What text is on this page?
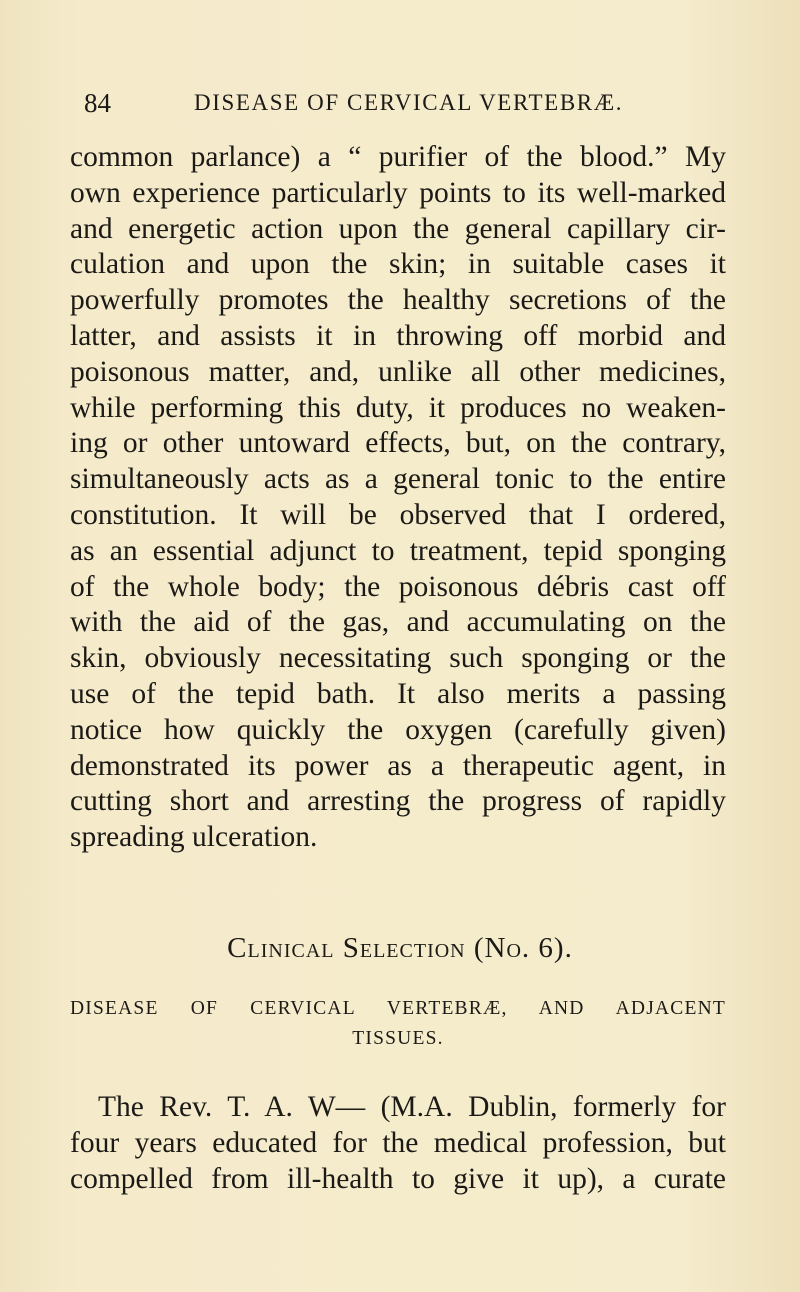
84	DISEASE OF CERVICAL VERTEBRÆ.
common parlance) a “ purifier of the blood.” My
own experience particularly points to its well-marked
and energetic action upon the general capillary cir-
culation and upon the skin; in suitable cases it
powerfully promotes the healthy secretions of the
latter, and assists it in throwing off morbid and
poisonous matter, and, unlike all other medicines,
while performing this duty, it produces no weaken-
ing or other untoward effects, but, on the contrary,
simultaneously acts as a general tonic to the entire
constitution. It will be observed that I ordered,
as an essential adjunct to treatment, tepid sponging
of the whole body; the poisonous débris cast off
with the aid of the gas, and accumulating on the
skin, obviously necessitating such sponging or the
use of the tepid bath. It also merits a passing
notice how quickly the oxygen (carefully given)
demonstrated its power as a therapeutic agent, in
cutting short and arresting the progress of rapidly
spreading ulceration.
Clinical Selection (No. 6).
DISEASE OF CERVICAL VERTEBRÆ, AND ADJACENT
TISSUES.
The Rev. T. A. W— (M.A. Dublin, formerly for
four years educated for the medical profession, but
compelled from ill-health to give it up), a curate
